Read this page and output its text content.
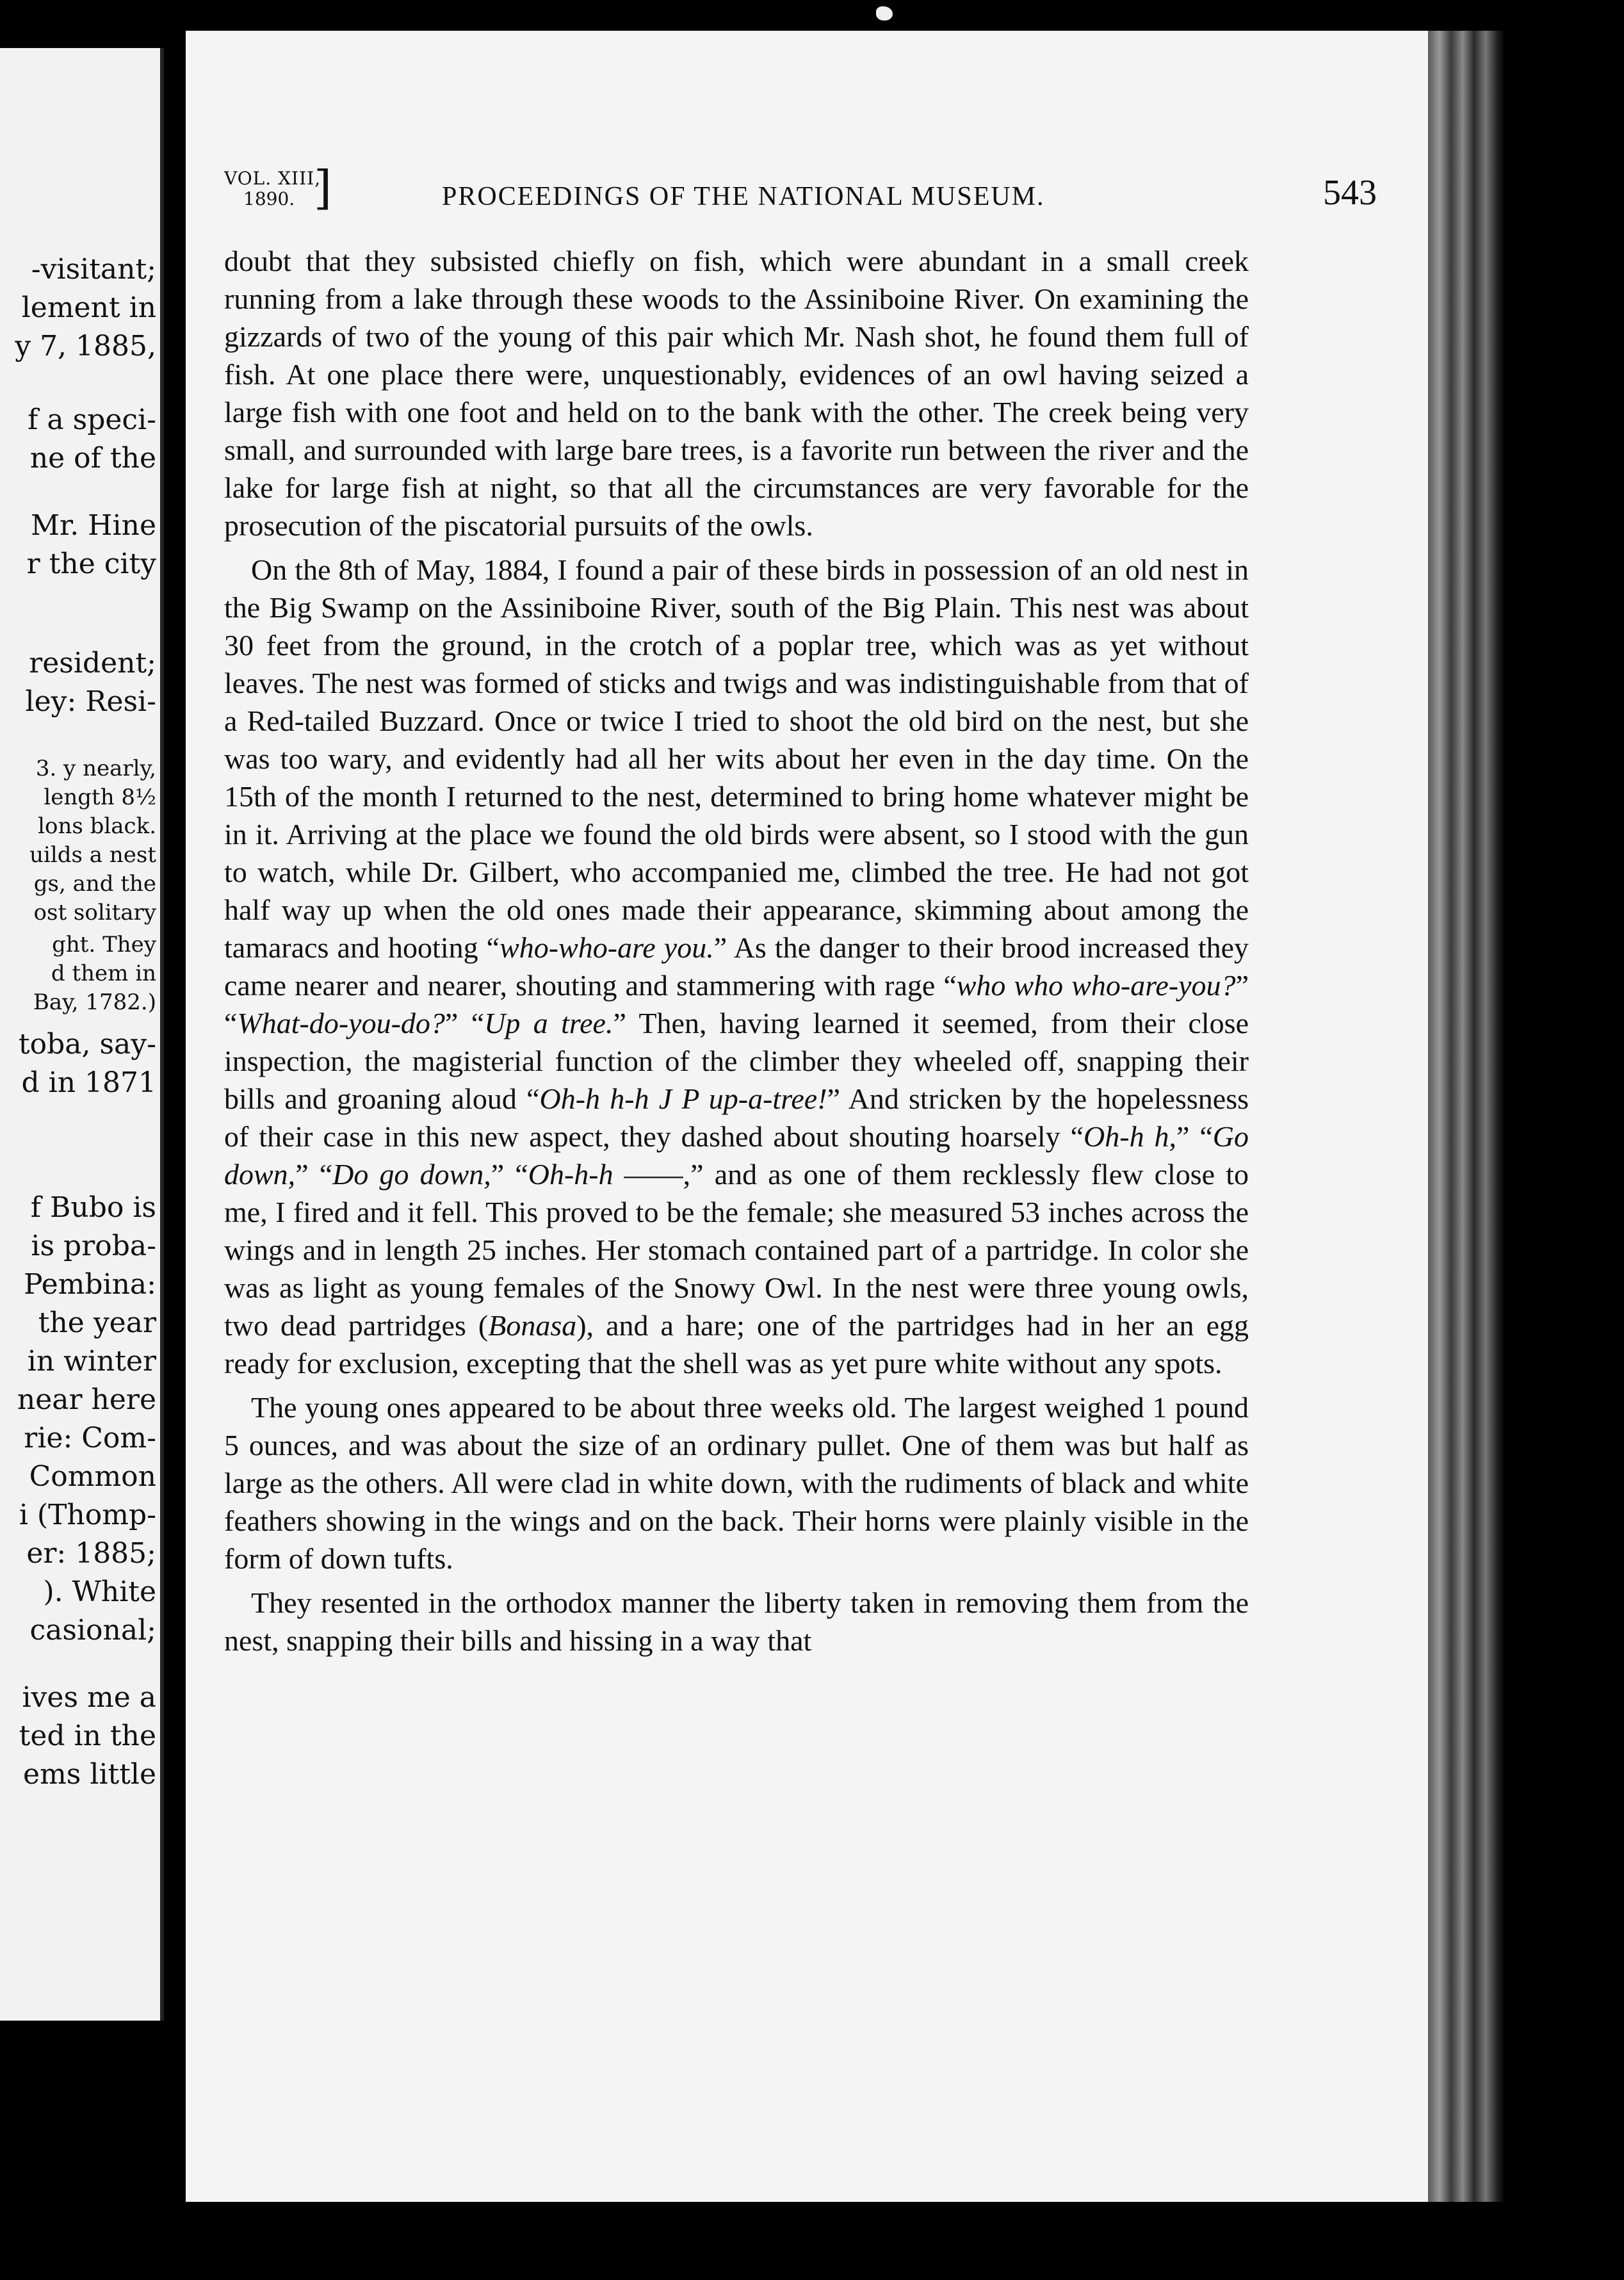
-visitant;
lement in
y 7, 1885,
f a speci-
ne of the
Mr. Hine
r the city
resident;
ley: Resi-
3. y nearly,
length 8½
lons black.
uilds a nest
gs, and the
ost solitary
ght. They
d them in
Bay, 1782.)
toba, say-
d in 1871
f Bubo is
is proba-
Pembina:
the year
in winter
near here
rie: Com-
Common
i (Thomp-
er: 1885;
). White
casional;
ives me a
ted in the
ems little
VOL. XIII,
1890. ]	PROCEEDINGS OF THE NATIONAL MUSEUM.	543

doubt that they subsisted chiefly on fish, which were abundant in a small creek running from a lake through these woods to the Assiniboine River. On examining the gizzards of two of the young of this pair which Mr. Nash shot, he found them full of fish. At one place there were, unquestionably, evidences of an owl having seized a large fish with one foot and held on to the bank with the other. The creek being very small, and surrounded with large bare trees, is a favorite run between the river and the lake for large fish at night, so that all the circumstances are very favorable for the prosecution of the piscatorial pursuits of the owls.

On the 8th of May, 1884, I found a pair of these birds in possession of an old nest in the Big Swamp on the Assiniboine River, south of the Big Plain. This nest was about 30 feet from the ground, in the crotch of a poplar tree, which was as yet without leaves. The nest was formed of sticks and twigs and was indistinguishable from that of a Red-tailed Buzzard. Once or twice I tried to shoot the old bird on the nest, but she was too wary, and evidently had all her wits about her even in the day time. On the 15th of the month I returned to the nest, determined to bring home whatever might be in it. Arriving at the place we found the old birds were absent, so I stood with the gun to watch, while Dr. Gilbert, who accompanied me, climbed the tree. He had not got half way up when the old ones made their appearance, skimming about among the tamaracs and hooting “who-who-are you.” As the danger to their brood increased they came nearer and nearer, shouting and stammering with rage “who who who-are-you?” “What-do-you-do?” “Up a tree.” Then, having learned it seemed, from their close inspection, the magisterial function of the climber they wheeled off, snapping their bills and groaning aloud “Oh-h h-h J P up-a-tree!” And stricken by the hopelessness of their case in this new aspect, they dashed about shouting hoarsely “Oh-h h,” “Go down,” “Do go down,” “Oh-h-h ——,” and as one of them recklessly flew close to me, I fired and it fell. This proved to be the female; she measured 53 inches across the wings and in length 25 inches. Her stomach contained part of a partridge. In color she was as light as young females of the Snowy Owl. In the nest were three young owls, two dead partridges (Bonasa), and a hare; one of the partridges had in her an egg ready for exclusion, excepting that the shell was as yet pure white without any spots.

The young ones appeared to be about three weeks old. The largest weighed 1 pound 5 ounces, and was about the size of an ordinary pullet. One of them was but half as large as the others. All were clad in white down, with the rudiments of black and white feathers showing in the wings and on the back. Their horns were plainly visible in the form of down tufts.

They resented in the orthodox manner the liberty taken in removing them from the nest, snapping their bills and hissing in a way that
